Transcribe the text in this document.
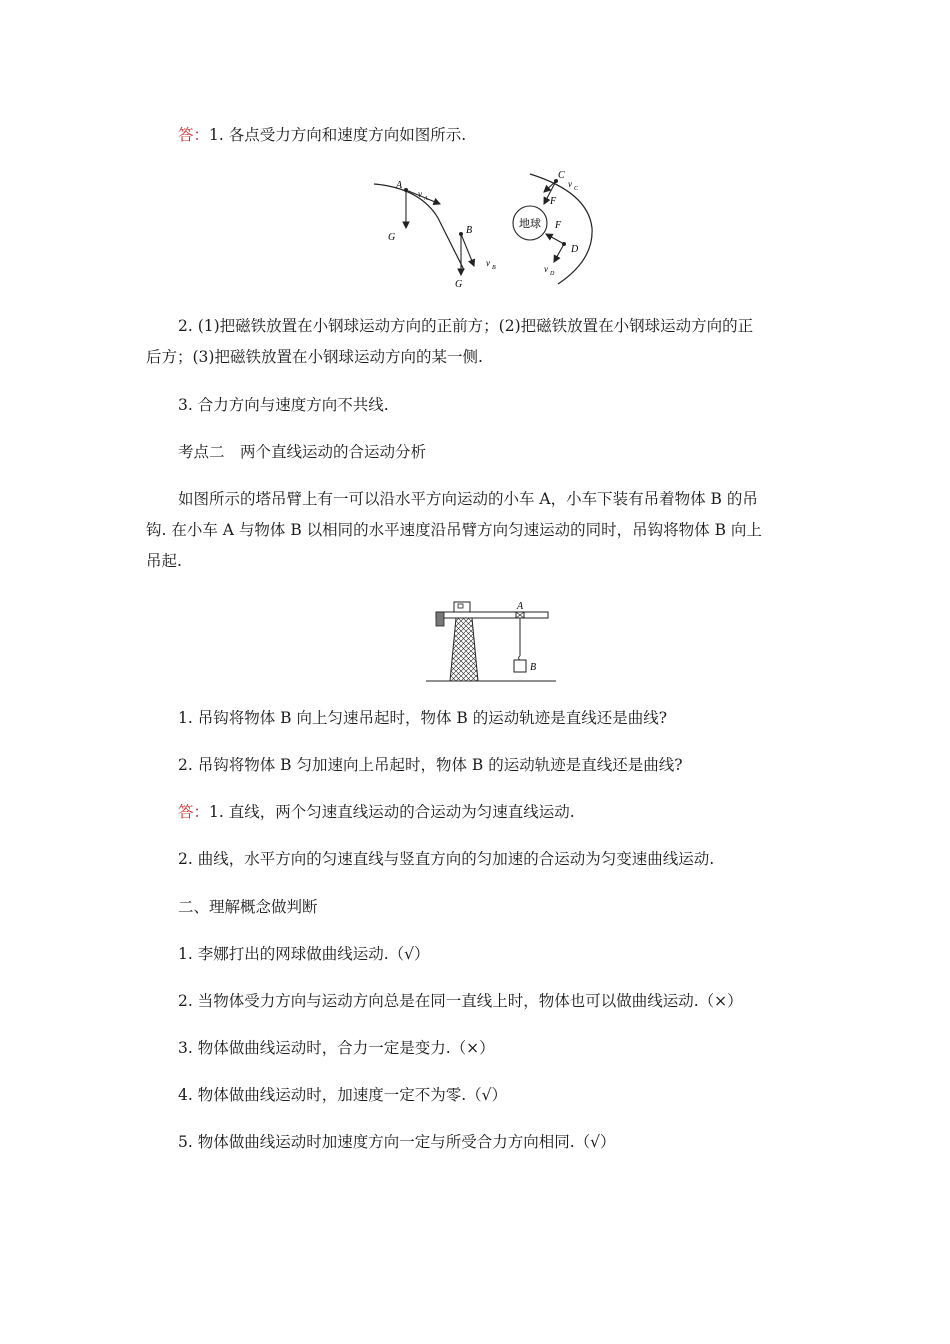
答：1. 各点受力方向和速度方向如图所示.
A
v A
G
B
v B
G
地球
C
v C
F
F
D
v D
2. (1)把磁铁放置在小钢球运动方向的正前方；(2)把磁铁放置在小钢球运动方向的正
后方；(3)把磁铁放置在小钢球运动方向的某一侧.
3. 合力方向与速度方向不共线.
考点二　两个直线运动的合运动分析
如图所示的塔吊臂上有一可以沿水平方向运动的小车 A，小车下装有吊着物体 B 的吊
钩. 在小车 A 与物体 B 以相同的水平速度沿吊臂方向匀速运动的同时，吊钩将物体 B 向上
吊起.
A
B
1. 吊钩将物体 B 向上匀速吊起时，物体 B 的运动轨迹是直线还是曲线?
2. 吊钩将物体 B 匀加速向上吊起时，物体 B 的运动轨迹是直线还是曲线?
答：1. 直线，两个匀速直线运动的合运动为匀速直线运动.
2. 曲线，水平方向的匀速直线与竖直方向的匀加速的合运动为匀变速曲线运动.
二、理解概念做判断
1. 李娜打出的网球做曲线运动.（√）
2. 当物体受力方向与运动方向总是在同一直线上时，物体也可以做曲线运动.（×）
3. 物体做曲线运动时，合力一定是变力.（×）
4. 物体做曲线运动时，加速度一定不为零.（√）
5. 物体做曲线运动时加速度方向一定与所受合力方向相同.（√）
